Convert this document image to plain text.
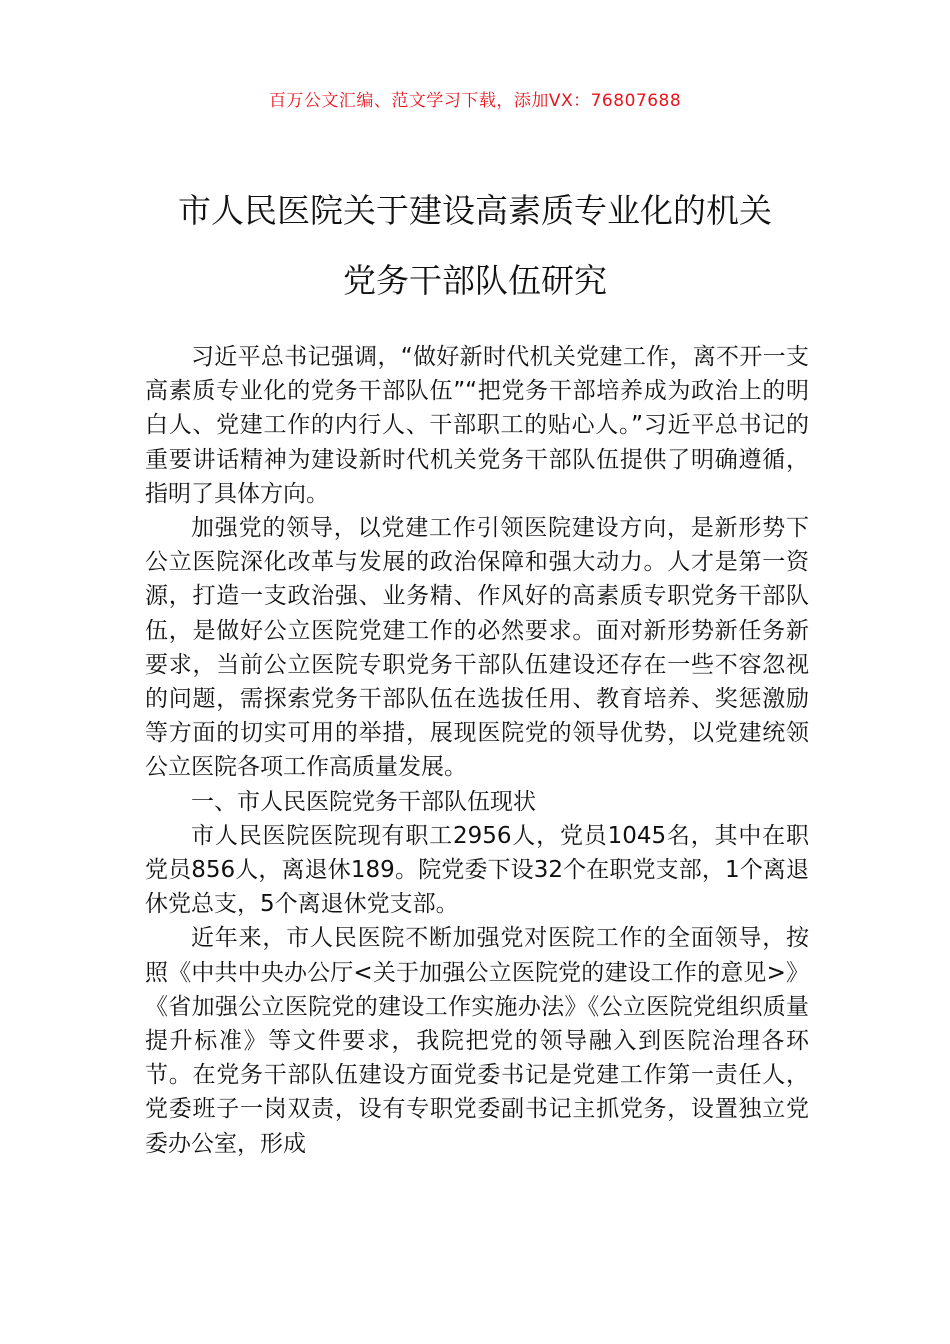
百万公文汇编、范文学习下载，添加VX：76807688
市人民医院关于建设高素质专业化的机关
党务干部队伍研究

习近平总书记强调，“做好新时代机关党建工作，离不开一支高素质专业化的党务干部队伍”“把党务干部培养成为政治上的明白人、党建工作的内行人、干部职工的贴心人。”习近平总书记的重要讲话精神为建设新时代机关党务干部队伍提供了明确遵循，指明了具体方向。

加强党的领导，以党建工作引领医院建设方向，是新形势下公立医院深化改革与发展的政治保障和强大动力。人才是第一资源，打造一支政治强、业务精、作风好的高素质专职党务干部队伍，是做好公立医院党建工作的必然要求。面对新形势新任务新要求，当前公立医院专职党务干部队伍建设还存在一些不容忽视的问题，需探索党务干部队伍在选拔任用、教育培养、奖惩激励等方面的切实可用的举措，展现医院党的领导优势，以党建统领公立医院各项工作高质量发展。

一、市人民医院党务干部队伍现状

市人民医院医院现有职工2956人，党员1045名，其中在职党员856人，离退休189。院党委下设32个在职党支部，1个离退休党总支，5个离退休党支部。

近年来，市人民医院不断加强党对医院工作的全面领导，按照《中共中央办公厅<关于加强公立医院党的建设工作的意见>》《省加强公立医院党的建设工作实施办法》《公立医院党组织质量提升标准》等文件要求，我院把党的领导融入到医院治理各环节。在党务干部队伍建设方面党委书记是党建工作第一责任人，党委班子一岗双责，设有专职党委副书记主抓党务，设置独立党委办公室，形成
